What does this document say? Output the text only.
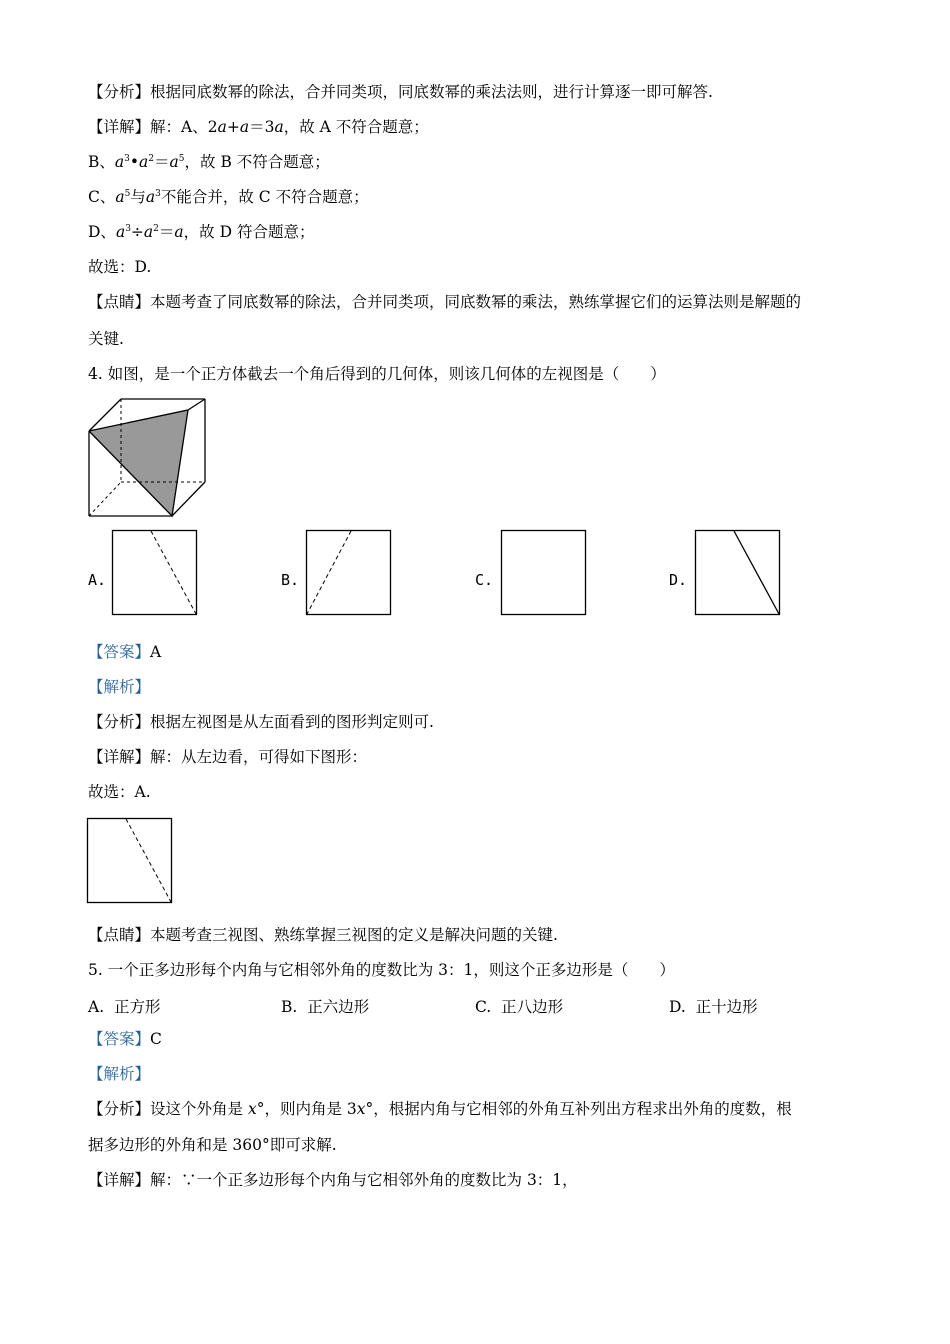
【分析】根据同底数幂的除法，合并同类项，同底数幂的乘法法则，进行计算逐一即可解答.
【详解】解：A、2a+a＝3a，故 A 不符合题意；
B、$a^3•a^2=a^5$，故 B 不符合题意；
C、$a^5$与$a^3$不能合并，故 C 不符合题意；
D、$a^3\div a^2=a$，故 D 符合题意；
故选：D.
【点睛】本题考查了同底数幂的除法，合并同类项，同底数幂的乘法，熟练掌握它们的运算法则是解题的
关键.
4. 如图，是一个正方体截去一个角后得到的几何体，则该几何体的左视图是（　　）
A.	B.	C.	D.
【答案】A
【解析】
【分析】根据左视图是从左面看到的图形判定则可.
【详解】解：从左边看，可得如下图形：
故选：A.
【点睛】本题考查三视图、熟练掌握三视图的定义是解决问题的关键.
5. 一个正多边形每个内角与它相邻外角的度数比为 3：1，则这个正多边形是（　　）
A. 正方形	B. 正六边形	C. 正八边形	D. 正十边形
【答案】C
【解析】
【分析】设这个外角是 x°，则内角是 3x°，根据内角与它相邻的外角互补列出方程求出外角的度数，根
据多边形的外角和是 360°即可求解.
【详解】解：∵一个正多边形每个内角与它相邻外角的度数比为 3：1，
